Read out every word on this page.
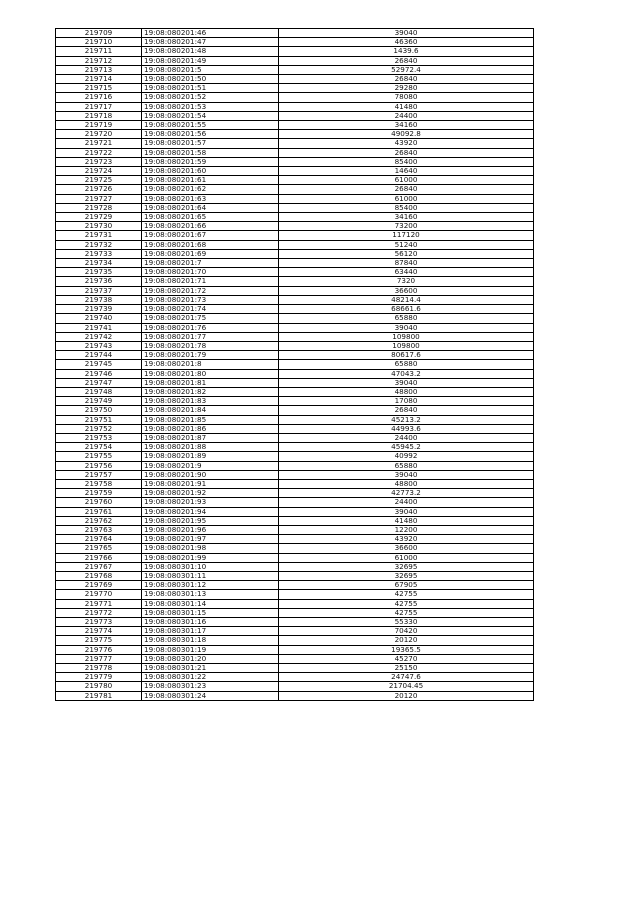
219709	19:08:080201:46	39040
219710	19:08:080201:47	46360
219711	19:08:080201:48	1439.6
219712	19:08:080201:49	26840
219713	19:08:080201:5	52972.4
219714	19:08:080201:50	26840
219715	19:08:080201:51	29280
219716	19:08:080201:52	78080
219717	19:08:080201:53	41480
219718	19:08:080201:54	24400
219719	19:08:080201:55	34160
219720	19:08:080201:56	49092.8
219721	19:08:080201:57	43920
219722	19:08:080201:58	26840
219723	19:08:080201:59	85400
219724	19:08:080201:60	14640
219725	19:08:080201:61	61000
219726	19:08:080201:62	26840
219727	19:08:080201:63	61000
219728	19:08:080201:64	85400
219729	19:08:080201:65	34160
219730	19:08:080201:66	73200
219731	19:08:080201:67	117120
219732	19:08:080201:68	51240
219733	19:08:080201:69	56120
219734	19:08:080201:7	87840
219735	19:08:080201:70	63440
219736	19:08:080201:71	7320
219737	19:08:080201:72	36600
219738	19:08:080201:73	48214.4
219739	19:08:080201:74	68661.6
219740	19:08:080201:75	65880
219741	19:08:080201:76	39040
219742	19:08:080201:77	109800
219743	19:08:080201:78	109800
219744	19:08:080201:79	80617.6
219745	19:08:080201:8	65880
219746	19:08:080201:80	47043.2
219747	19:08:080201:81	39040
219748	19:08:080201:82	48800
219749	19:08:080201:83	17080
219750	19:08:080201:84	26840
219751	19:08:080201:85	45213.2
219752	19:08:080201:86	44993.6
219753	19:08:080201:87	24400
219754	19:08:080201:88	45945.2
219755	19:08:080201:89	40992
219756	19:08:080201:9	65880
219757	19:08:080201:90	39040
219758	19:08:080201:91	48800
219759	19:08:080201:92	42773.2
219760	19:08:080201:93	24400
219761	19:08:080201:94	39040
219762	19:08:080201:95	41480
219763	19:08:080201:96	12200
219764	19:08:080201:97	43920
219765	19:08:080201:98	36600
219766	19:08:080201:99	61000
219767	19:08:080301:10	32695
219768	19:08:080301:11	32695
219769	19:08:080301:12	67905
219770	19:08:080301:13	42755
219771	19:08:080301:14	42755
219772	19:08:080301:15	42755
219773	19:08:080301:16	55330
219774	19:08:080301:17	70420
219775	19:08:080301:18	20120
219776	19:08:080301:19	19365.5
219777	19:08:080301:20	45270
219778	19:08:080301:21	25150
219779	19:08:080301:22	24747.6
219780	19:08:080301:23	21704.45
219781	19:08:080301:24	20120
